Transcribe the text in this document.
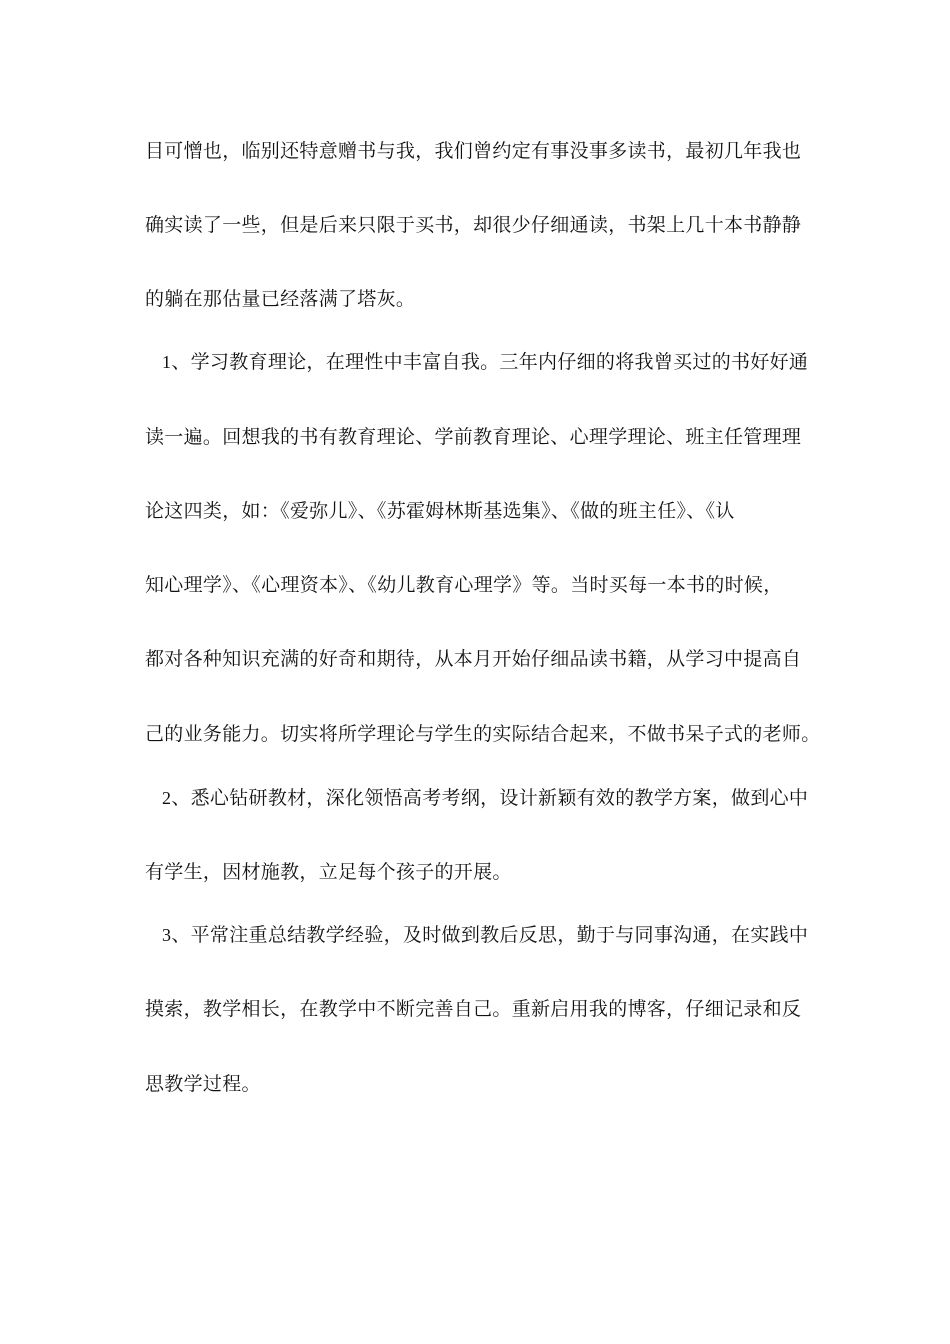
目可憎也，临别还特意赠书与我，我们曾约定有事没事多读书，最初几年我也

确实读了一些，但是后来只限于买书，却很少仔细通读，书架上几十本书静静

的躺在那估量已经落满了塔灰。

1、学习教育理论，在理性中丰富自我。三年内仔细的将我曾买过的书好好通

读一遍。回想我的书有教育理论、学前教育理论、心理学理论、班主任管理理

论这四类，如：《爱弥儿》、《苏霍姆林斯基选集》、《做的班主任》、《认

知心理学》、《心理资本》、《幼儿教育心理学》等。当时买每一本书的时候，

都对各种知识充满的好奇和期待，从本月开始仔细品读书籍，从学习中提高自

己的业务能力。切实将所学理论与学生的实际结合起来，不做书呆子式的老师。

2、悉心钻研教材，深化领悟高考考纲，设计新颖有效的教学方案，做到心中

有学生，因材施教，立足每个孩子的开展。

3、平常注重总结教学经验，及时做到教后反思，勤于与同事沟通，在实践中

摸索，教学相长，在教学中不断完善自己。重新启用我的博客，仔细记录和反

思教学过程。
